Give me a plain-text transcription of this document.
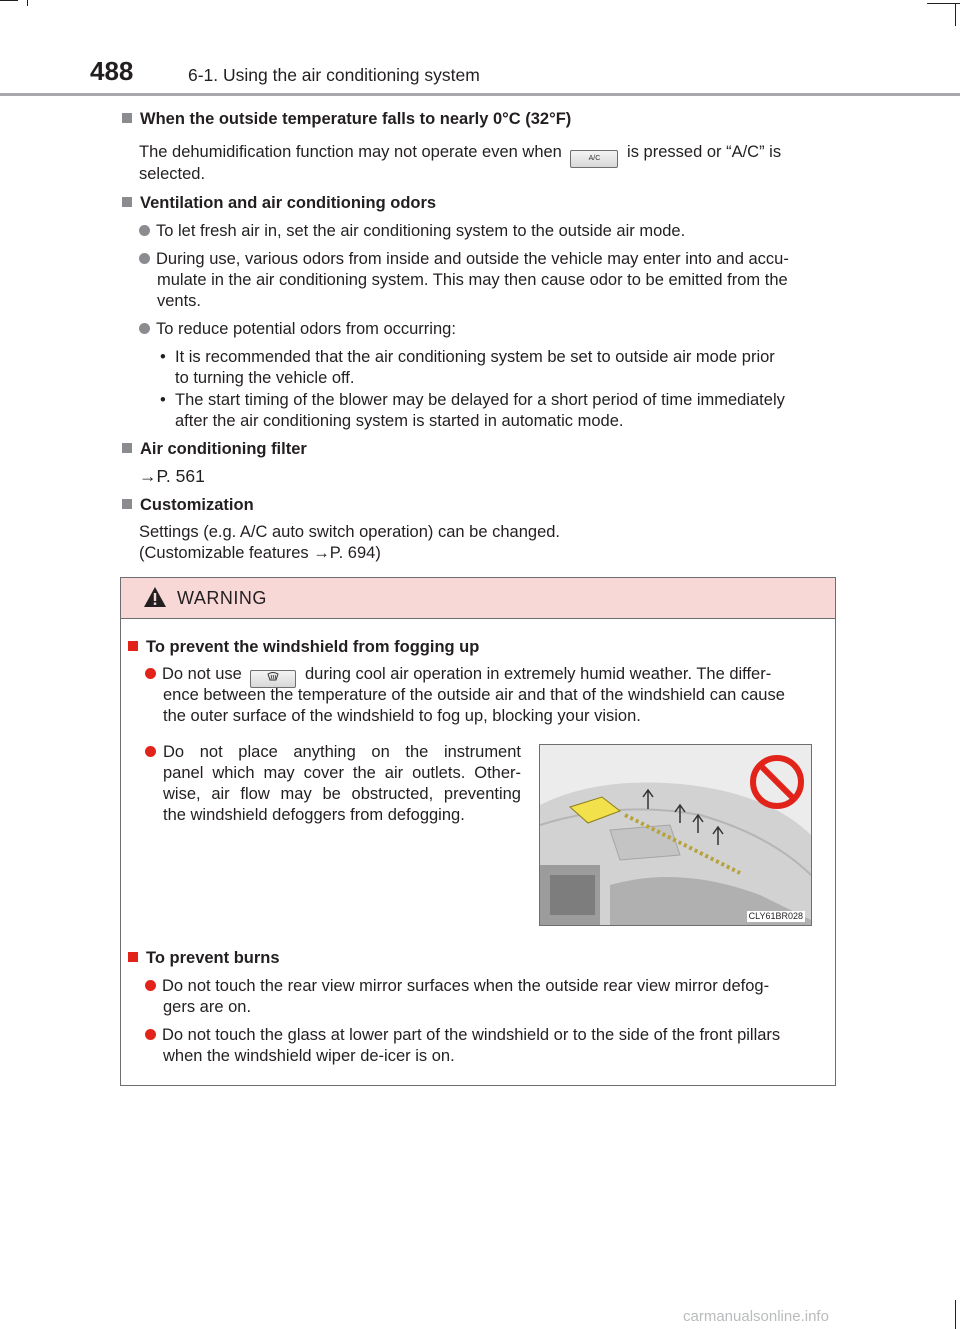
488	6-1. Using the air conditioning system
When the outside temperature falls to nearly 0°C (32°F)
The dehumidification function may not operate even when	A/C is pressed or “A/C” is
selected.
Ventilation and air conditioning odors
To let fresh air in, set the air conditioning system to the outside air mode.
During use, various odors from inside and outside the vehicle may enter into and accu-
mulate in the air conditioning system. This may then cause odor to be emitted from the
vents.
To reduce potential odors from occurring:
• It is recommended that the air conditioning system be set to outside air mode prior
to turning the vehicle off.
• The start timing of the blower may be delayed for a short period of time immediately
after the air conditioning system is started in automatic mode.
Air conditioning filter
→P. 561
Customization
Settings (e.g. A/C auto switch operation) can be changed.
(Customizable features →P. 694)
WARNING
To prevent the windshield from fogging up
Do not use	during cool air operation in extremely humid weather. The differ-
ence between the temperature of the outside air and that of the windshield can cause
the outer surface of the windshield to fog up, blocking your vision.
Do not place anything on the instrument
panel which may cover the air outlets. Other-
wise, air flow may be obstructed, preventing
the windshield defoggers from defogging.
CLY61BR028
To prevent burns
Do not touch the rear view mirror surfaces when the outside rear view mirror defog-
gers are on.
Do not touch the glass at lower part of the windshield or to the side of the front pillars
when the windshield wiper de-icer is on.
carmanualsonline.info
